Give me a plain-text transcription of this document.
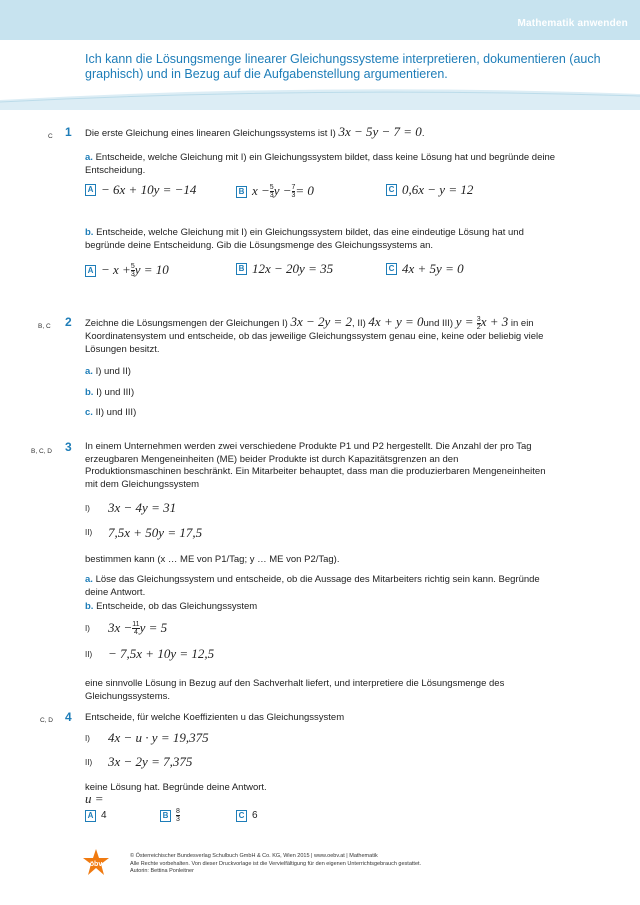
Mathematik anwenden
Ich kann die Lösungsmenge linearer Gleichungssysteme interpretieren, dokumentieren (auch graphisch) und in Bezug auf die Aufgabenstellung argumentieren.
C	1 Die erste Gleichung eines linearen Gleichungssystems ist I) 3x − 5y − 7 = 0.
a. Entscheide, welche Gleichung mit I) ein Gleichungssystem bildet, dass keine Lösung hat und begründe deine Entscheidung.
A − 6x + 10y = −14	B $x - \frac{5}{3}$ $y - \frac{7}{3} = 0$	C 0,6x − y = 12
b. Entscheide, welche Gleichung mit I) ein Gleichungssystem bildet, das eine eindeutige Lösung hat und begründe deine Entscheidung. Gib die Lösungsmenge des Gleichungssystems an.
$A - x + \frac{5}{3}$ y = 10	B 12x − 20y = 35	C 4x + 5y = 0
B, C	2 Zeichne die Lösungsmengen der Gleichungen I) 3x − 2y = 2, II) 4x + y = 0und III) $y = \frac{3}{2}$ x + 3 in ein Koordinatensystem und entscheide, ob das jeweilige Gleichungssystem genau eine, keine oder beliebig viele Lösungen besitzt.
a. I) und II)
b. I) und III)
c. II) und III)
B, C, D	3 In einem Unternehmen werden zwei verschiedene Produkte P1 und P2 hergestellt. Die Anzahl der pro Tag erzeugbaren Mengeneinheiten (ME) beider Produkte ist durch Kapazitätsgrenzen an den Produktionsmaschinen beschränkt. Ein Mitarbeiter behauptet, dass man die produzierbaren Mengeneinheiten mit dem Gleichungssystem
I) 3x − 4y = 31
II) 7,5x + 50y = 17,5
bestimmen kann (x … ME von P1/Tag; y … ME von P2/Tag).
a. Löse das Gleichungssystem und entscheide, ob die Aussage des Mitarbeiters richtig sein kann. Begründe deine Antwort.
b. Entscheide, ob das Gleichungssystem
I) $3x - \frac{11}{4}$ y = 5
II) − 7,5x + 10y = 12,5
eine sinnvolle Lösung in Bezug auf den Sachverhalt liefert, und interpretiere die Lösungsmenge des Gleichungssystems.
C, D	4 Entscheide, für welche Koeffizienten u das Gleichungssystem
I) 4x − u · y = 19,375
II) 3x − 2y = 7,375
keine Lösung hat. Begründe deine Antwort.
u =
A 4	B	$\frac{8}{3}$	C 6
öbv
© Österreichischer Bundesverlag Schulbuch GmbH & Co. KG, Wien 2015 | www.oebv.at | Mathematik
Alle Rechte vorbehalten. Von dieser Druckvorlage ist die Vervielfältigung für den eigenen Unterrichtsgebrauch gestattet.
Autorin: Bettina Ponleitner
